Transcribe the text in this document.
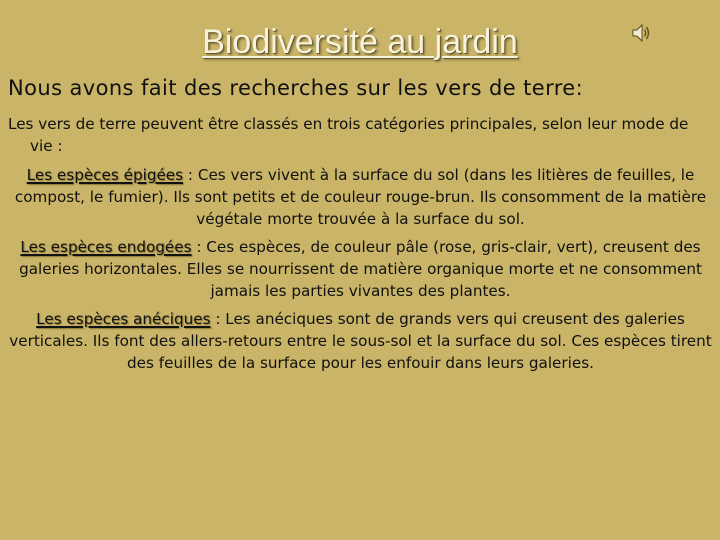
Biodiversité au jardin
Nous avons fait des recherches sur les vers de terre:

Les vers de terre peuvent être classés en trois catégories principales, selon leur mode de vie :

Les espèces épigées : Ces vers vivent à la surface du sol (dans les litières de feuilles, le compost, le fumier). Ils sont petits et de couleur rouge-brun. Ils consomment de la matière végétale morte trouvée à la surface du sol.

Les espèces endogées : Ces espèces, de couleur pâle (rose, gris-clair, vert), creusent des galeries horizontales. Elles se nourrissent de matière organique morte et ne consomment jamais les parties vivantes des plantes.

Les espèces anéciques : Les anéciques sont de grands vers qui creusent des galeries verticales. Ils font des allers-retours entre le sous-sol et la surface du sol. Ces espèces tirent des feuilles de la surface pour les enfouir dans leurs galeries.
